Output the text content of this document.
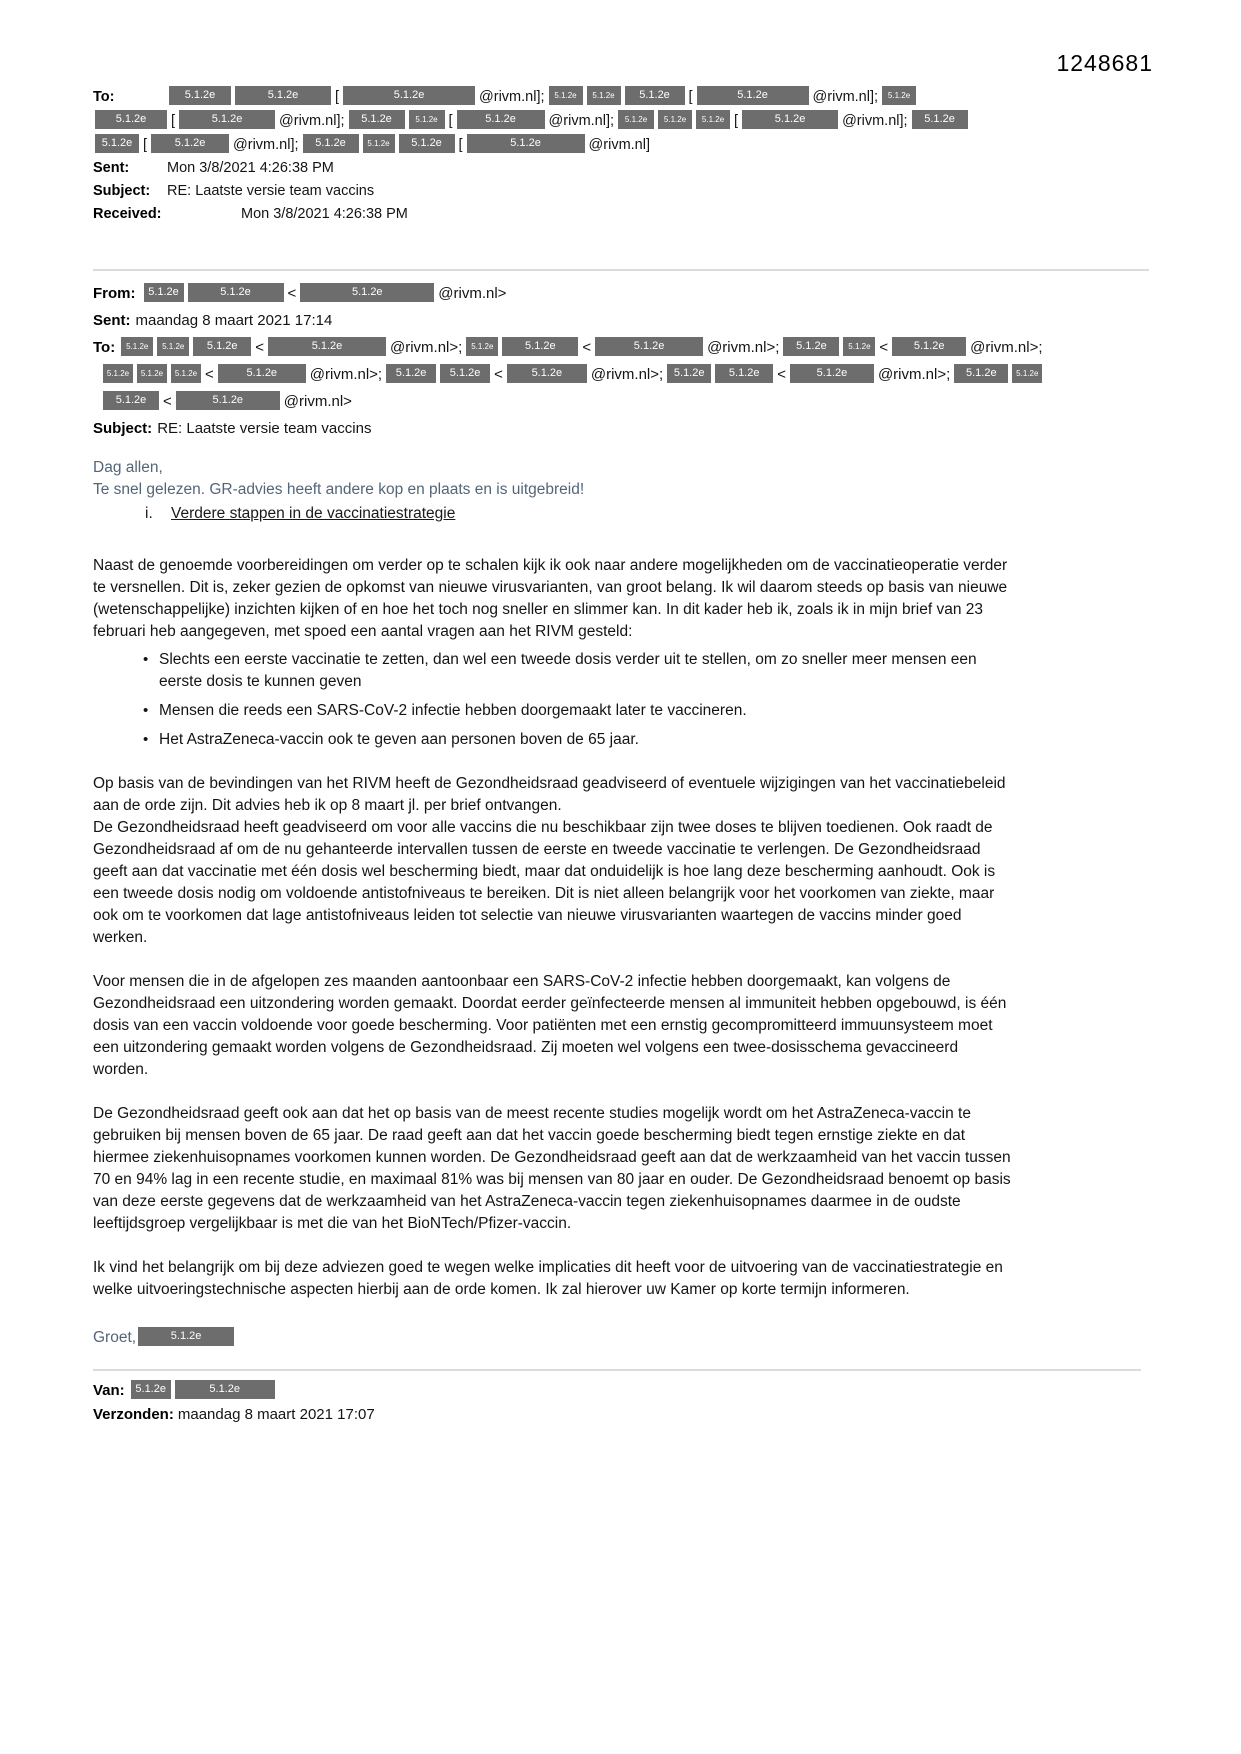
1248681
To:	5.1.2e	5.1.2e	[	5.1.2e	@rivm.nl]; 5.1.2e 5.1.2e 5.1.2e [	5.1.2e	@rivm.nl]; 5.1.2e
5.1.2e [	5.1.2e	@rivm.nl]; 5.1.2e	5.1.2e [	5.1.2e @rivm.nl]; 5.1.2e 5.1.2e 5.1.2e [	5.1.2e	@rivm.nl]; 5.1.2e
5.1.2e [	5.1.2e @rivm.nl]; 5.1.2e	5.1.2e 5.1.2e [	5.1.2e	@rivm.nl]
Sent:	Mon 3/8/2021 4:26:38 PM
Subject: RE: Laatste versie team vaccins
Received:	Mon 3/8/2021 4:26:38 PM
From: 5.1.2e	5.1.2e <	5.1.2e	@rivm.nl>
Sent: maandag 8 maart 2021 17:14
To: 5.1.2e 5.1.2e 5.1.2e <	5.1.2e	@rivm.nl>; 5.1.2e	5.1.2e <	5.1.2e	@rivm.nl>; 5.1.2e	5.1.2e < 5.1.2e @rivm.nl>;
5.1.2e 5.1.2e 5.1.2e <	5.1.2e @rivm.nl>; 5.1.2e 5.1.2e <	5.1.2e @rivm.nl>; 5.1.2e 5.1.2e <	5.1.2e @rivm.nl>; 5.1.2e 5.1.2e
5.1.2e <	5.1.2e	@rivm.nl>
Subject: RE: Laatste versie team vaccins
Dag allen,
Te snel gelezen. GR-advies heeft andere kop en plaats en is uitgebreid!
i. Verdere stappen in de vaccinatiestrategie
Naast de genoemde voorbereidingen om verder op te schalen kijk ik ook naar andere mogelijkheden om de vaccinatieoperatie verder te versnellen. Dit is, zeker gezien de opkomst van nieuwe virusvarianten, van groot belang. Ik wil daarom steeds op basis van nieuwe (wetenschappelijke) inzichten kijken of en hoe het toch nog sneller en slimmer kan. In dit kader heb ik, zoals ik in mijn brief van 23 februari heb aangegeven, met spoed een aantal vragen aan het RIVM gesteld:
• Slechts een eerste vaccinatie te zetten, dan wel een tweede dosis verder uit te stellen, om zo sneller meer mensen een eerste dosis te kunnen geven
• Mensen die reeds een SARS-CoV-2 infectie hebben doorgemaakt later te vaccineren.
• Het AstraZeneca-vaccin ook te geven aan personen boven de 65 jaar.
Op basis van de bevindingen van het RIVM heeft de Gezondheidsraad geadviseerd of eventuele wijzigingen van het vaccinatiebeleid aan de orde zijn. Dit advies heb ik op 8 maart jl. per brief ontvangen.
De Gezondheidsraad heeft geadviseerd om voor alle vaccins die nu beschikbaar zijn twee doses te blijven toedienen. Ook raadt de Gezondheidsraad af om de nu gehanteerde intervallen tussen de eerste en tweede vaccinatie te verlengen. De Gezondheidsraad geeft aan dat vaccinatie met één dosis wel bescherming biedt, maar dat onduidelijk is hoe lang deze bescherming aanhoudt. Ook is een tweede dosis nodig om voldoende antistofniveaus te bereiken. Dit is niet alleen belangrijk voor het voorkomen van ziekte, maar ook om te voorkomen dat lage antistofniveaus leiden tot selectie van nieuwe virusvarianten waartegen de vaccins minder goed werken.
Voor mensen die in de afgelopen zes maanden aantoonbaar een SARS-CoV-2 infectie hebben doorgemaakt, kan volgens de Gezondheidsraad een uitzondering worden gemaakt. Doordat eerder geïnfecteerde mensen al immuniteit hebben opgebouwd, is één dosis van een vaccin voldoende voor goede bescherming. Voor patiënten met een ernstig gecompromitteerd immuunsysteem moet een uitzondering gemaakt worden volgens de Gezondheidsraad. Zij moeten wel volgens een twee-dosisschema gevaccineerd worden.
De Gezondheidsraad geeft ook aan dat het op basis van de meest recente studies mogelijk wordt om het AstraZeneca-vaccin te gebruiken bij mensen boven de 65 jaar. De raad geeft aan dat het vaccin goede bescherming biedt tegen ernstige ziekte en dat hiermee ziekenhuisopnames voorkomen kunnen worden. De Gezondheidsraad geeft aan dat de werkzaamheid van het vaccin tussen 70 en 94% lag in een recente studie, en maximaal 81% was bij mensen van 80 jaar en ouder. De Gezondheidsraad benoemt op basis van deze eerste gegevens dat de werkzaamheid van het AstraZeneca-vaccin tegen ziekenhuisopnames daarmee in de oudste leeftijdsgroep vergelijkbaar is met die van het BioNTech/Pfizer-vaccin.
Ik vind het belangrijk om bij deze adviezen goed te wegen welke implicaties dit heeft voor de uitvoering van de vaccinatiestrategie en welke uitvoeringstechnische aspecten hierbij aan de orde komen. Ik zal hierover uw Kamer op korte termijn informeren.
Groet,	5.1.2e
Van: 5.1.2e	5.1.2e
Verzonden: maandag 8 maart 2021 17:07
